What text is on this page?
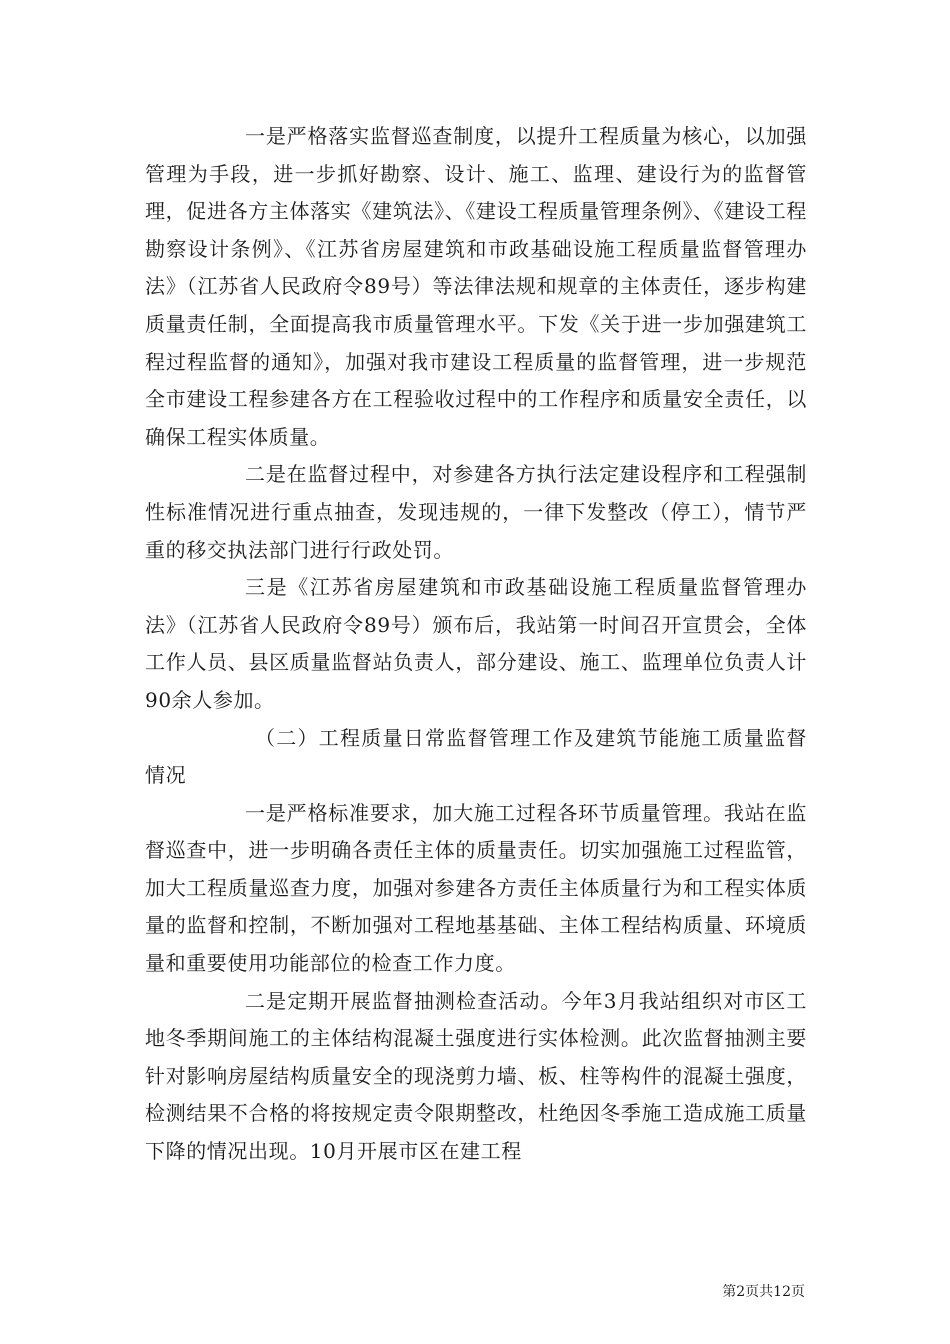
一是严格落实监督巡查制度，以提升工程质量为核心，以加强管理为手段，进一步抓好勘察、设计、施工、监理、建设行为的监督管理，促进各方主体落实《建筑法》、《建设工程质量管理条例》、《建设工程勘察设计条例》、《江苏省房屋建筑和市政基础设施工程质量监督管理办法》（江苏省人民政府令89号）等法律法规和规章的主体责任，逐步构建质量责任制，全面提高我市质量管理水平。下发《关于进一步加强建筑工程过程监督的通知》，加强对我市建设工程质量的监督管理，进一步规范全市建设工程参建各方在工程验收过程中的工作程序和质量安全责任，以确保工程实体质量。

二是在监督过程中，对参建各方执行法定建设程序和工程强制性标准情况进行重点抽查，发现违规的，一律下发整改（停工），情节严重的移交执法部门进行行政处罚。

三是《江苏省房屋建筑和市政基础设施工程质量监督管理办法》（江苏省人民政府令89号）颁布后，我站第一时间召开宣贯会，全体工作人员、县区质量监督站负责人，部分建设、施工、监理单位负责人计90余人参加。

（二）工程质量日常监督管理工作及建筑节能施工质量监督情况

一是严格标准要求，加大施工过程各环节质量管理。我站在监督巡查中，进一步明确各责任主体的质量责任。切实加强施工过程监管，加大工程质量巡查力度，加强对参建各方责任主体质量行为和工程实体质量的监督和控制，不断加强对工程地基基础、主体工程结构质量、环境质量和重要使用功能部位的检查工作力度。

二是定期开展监督抽测检查活动。今年3月我站组织对市区工地冬季期间施工的主体结构混凝土强度进行实体检测。此次监督抽测主要针对影响房屋结构质量安全的现浇剪力墙、板、柱等构件的混凝土强度，检测结果不合格的将按规定责令限期整改，杜绝因冬季施工造成施工质量下降的情况出现。10月开展市区在建工程

第2页共12页
